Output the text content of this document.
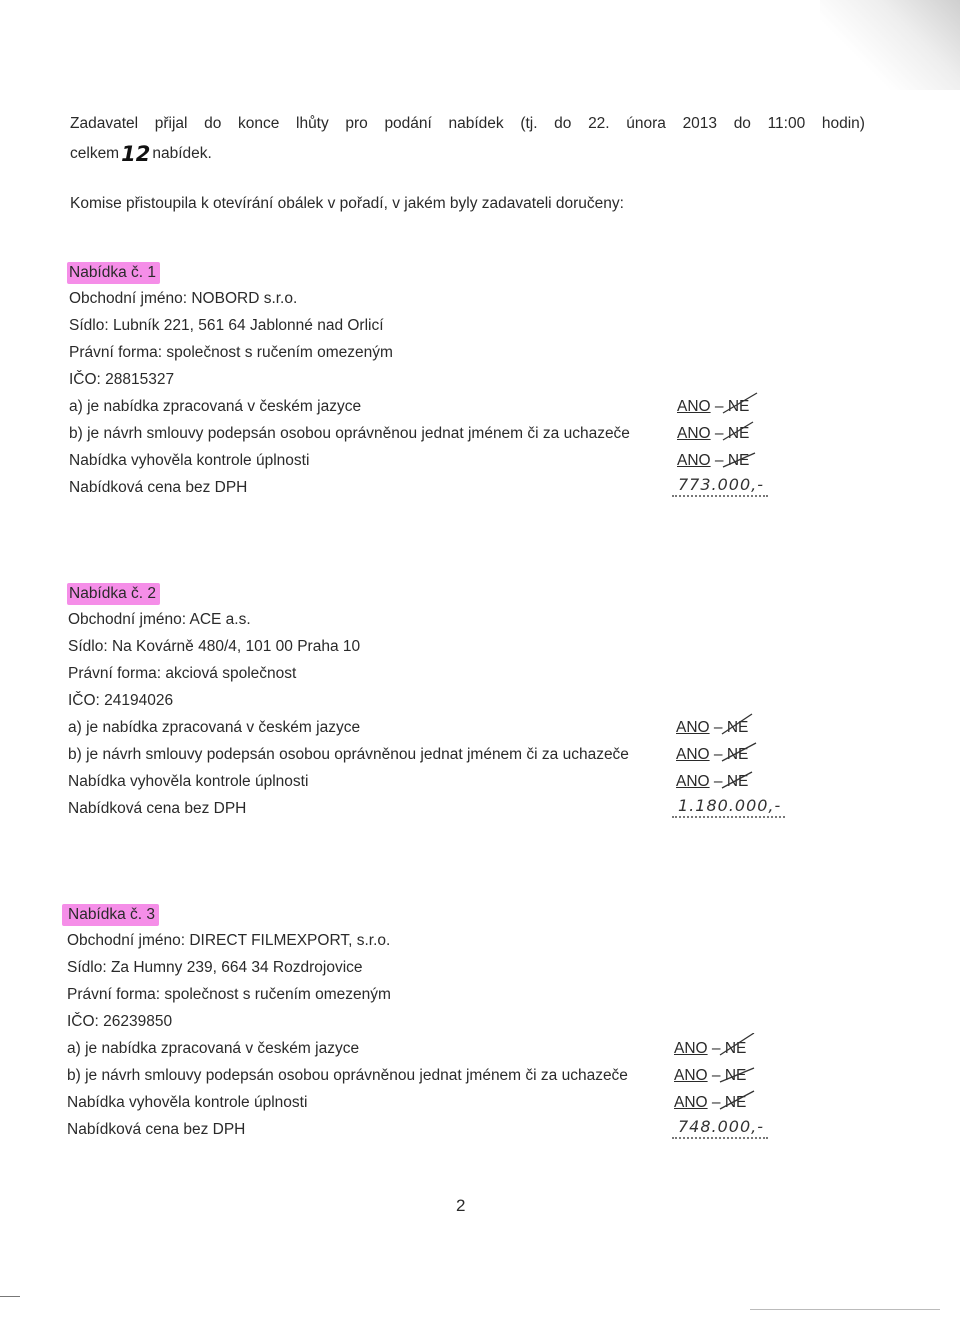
Zadavatel přijal do konce lhůty pro podání nabídek (tj. do 22. února 2013 do 11:00 hodin)
celkem12 nabídek.
Komise přistoupila k otevírání obálek v pořadí, v jakém byly zadavateli doručeny:
Nabídka č. 1
Obchodní jméno: NOBORD s.r.o.
Sídlo: Lubník 221, 561 64 Jablonné nad Orlicí
Právní forma: společnost s ručením omezeným
IČO: 28815327
a) je nabídka zpracovaná v českém jazyce
b) je návrh smlouvy podepsán osobou oprávněnou jednat jménem či za uchazeče
Nabídka vyhověla kontrole úplnosti
Nabídková cena bez DPH
ANO – NE
ANO – NE
ANO – NE
773.000,-
Nabídka č. 2
Obchodní jméno: ACE a.s.
Sídlo: Na Kovárně 480/4, 101 00 Praha 10
Právní forma: akciová společnost
IČO: 24194026
a) je nabídka zpracovaná v českém jazyce
b) je návrh smlouvy podepsán osobou oprávněnou jednat jménem či za uchazeče
Nabídka vyhověla kontrole úplnosti
Nabídková cena bez DPH
ANO – NE
ANO – NE
ANO – NE
1.180.000,-
Nabídka č. 3
Obchodní jméno: DIRECT FILMEXPORT, s.r.o.
Sídlo: Za Humny 239, 664 34 Rozdrojovice
Právní forma: společnost s ručením omezeným
IČO: 26239850
a) je nabídka zpracovaná v českém jazyce
b) je návrh smlouvy podepsán osobou oprávněnou jednat jménem či za uchazeče
Nabídka vyhověla kontrole úplnosti
Nabídková cena bez DPH
ANO – NE
ANO – NE
ANO – NE
748.000,-
2
